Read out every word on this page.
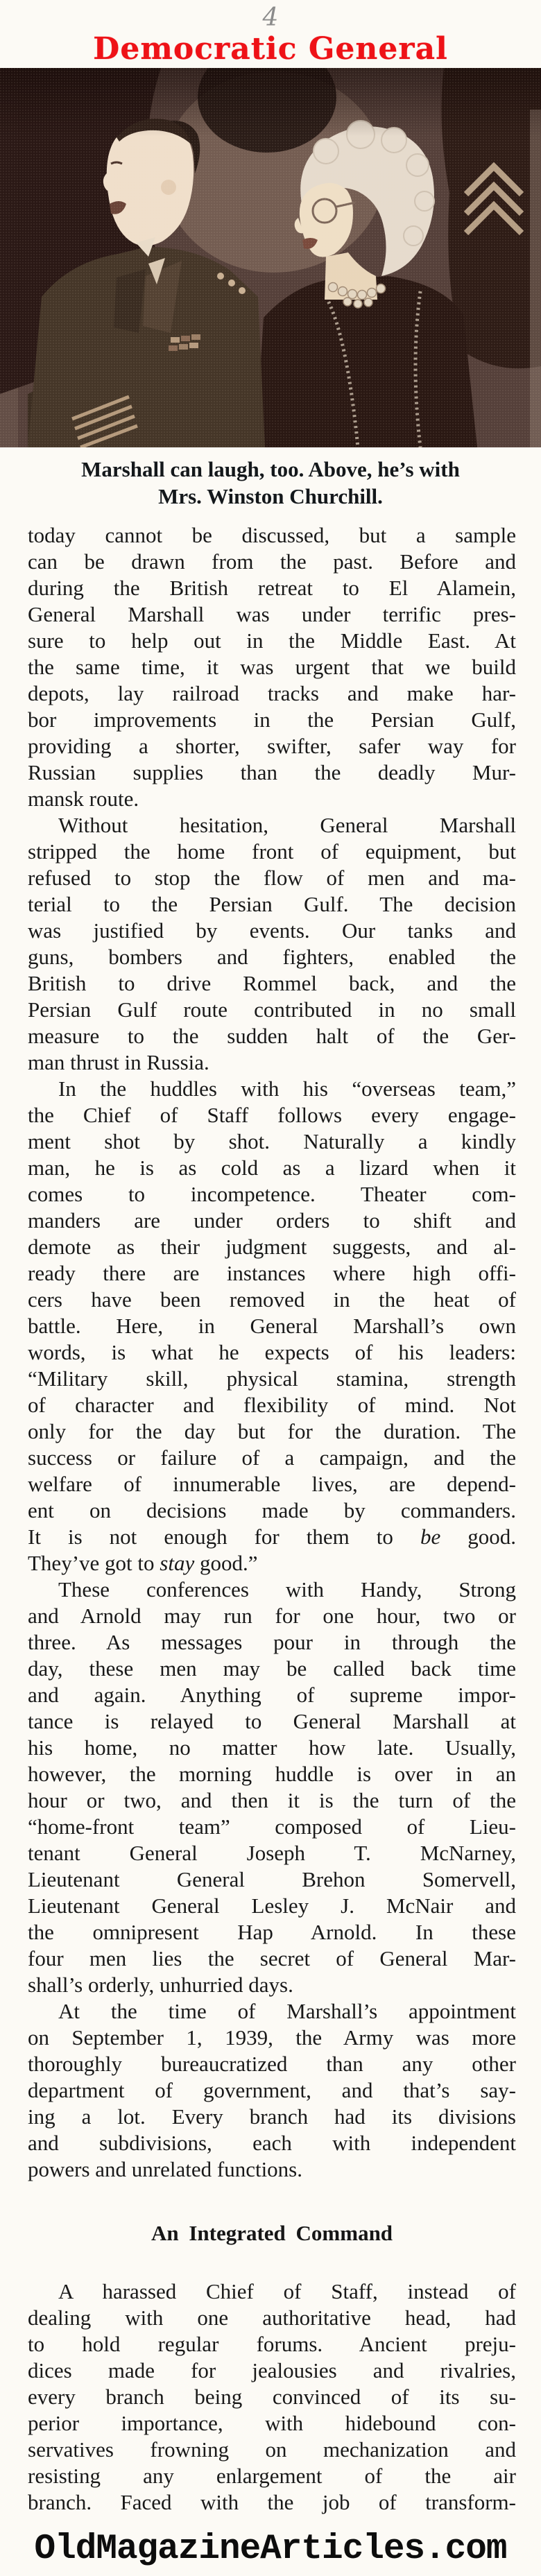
4
Democratic General
Marshall can laugh, too. Above, he’s with
Mrs. Winston Churchill.
today cannot be discussed, but a sample
can be drawn from the past. Before and
during the British retreat to El Alamein,
General Marshall was under terrific pres-
sure to help out in the Middle East. At
the same time, it was urgent that we build
depots, lay railroad tracks and make har-
bor improvements in the Persian Gulf,
providing a shorter, swifter, safer way for
Russian supplies than the deadly Mur-
mansk route.
Without hesitation, General Marshall
stripped the home front of equipment, but
refused to stop the flow of men and ma-
terial to the Persian Gulf. The decision
was justified by events. Our tanks and
guns, bombers and fighters, enabled the
British to drive Rommel back, and the
Persian Gulf route contributed in no small
measure to the sudden halt of the Ger-
man thrust in Russia.
In the huddles with his “overseas team,”
the Chief of Staff follows every engage-
ment shot by shot. Naturally a kindly
man, he is as cold as a lizard when it
comes to incompetence. Theater com-
manders are under orders to shift and
demote as their judgment suggests, and al-
ready there are instances where high offi-
cers have been removed in the heat of
battle. Here, in General Marshall’s own
words, is what he expects of his leaders:
“Military skill, physical stamina, strength
of character and flexibility of mind. Not
only for the day but for the duration. The
success or failure of a campaign, and the
welfare of innumerable lives, are depend-
ent on decisions made by commanders.
It is not enough for them to be good.
They’ve got to stay good.”
These conferences with Handy, Strong
and Arnold may run for one hour, two or
three. As messages pour in through the
day, these men may be called back time
and again. Anything of supreme impor-
tance is relayed to General Marshall at
his home, no matter how late. Usually,
however, the morning huddle is over in an
hour or two, and then it is the turn of the
“home-front team” composed of Lieu-
tenant General Joseph T. McNarney,
Lieutenant General Brehon Somervell,
Lieutenant General Lesley J. McNair and
the omnipresent Hap Arnold. In these
four men lies the secret of General Mar-
shall’s orderly, unhurried days.
At the time of Marshall’s appointment
on September 1, 1939, the Army was more
thoroughly bureaucratized than any other
department of government, and that’s say-
ing a lot. Every branch had its divisions
and subdivisions, each with independent
powers and unrelated functions.
An Integrated Command
A harassed Chief of Staff, instead of
dealing with one authoritative head, had
to hold regular forums. Ancient preju-
dices made for jealousies and rivalries,
every branch being convinced of its su-
perior importance, with hidebound con-
servatives frowning on mechanization and
resisting any enlargement of the air
branch. Faced with the job of transform-
OldMagazineArticles.com
